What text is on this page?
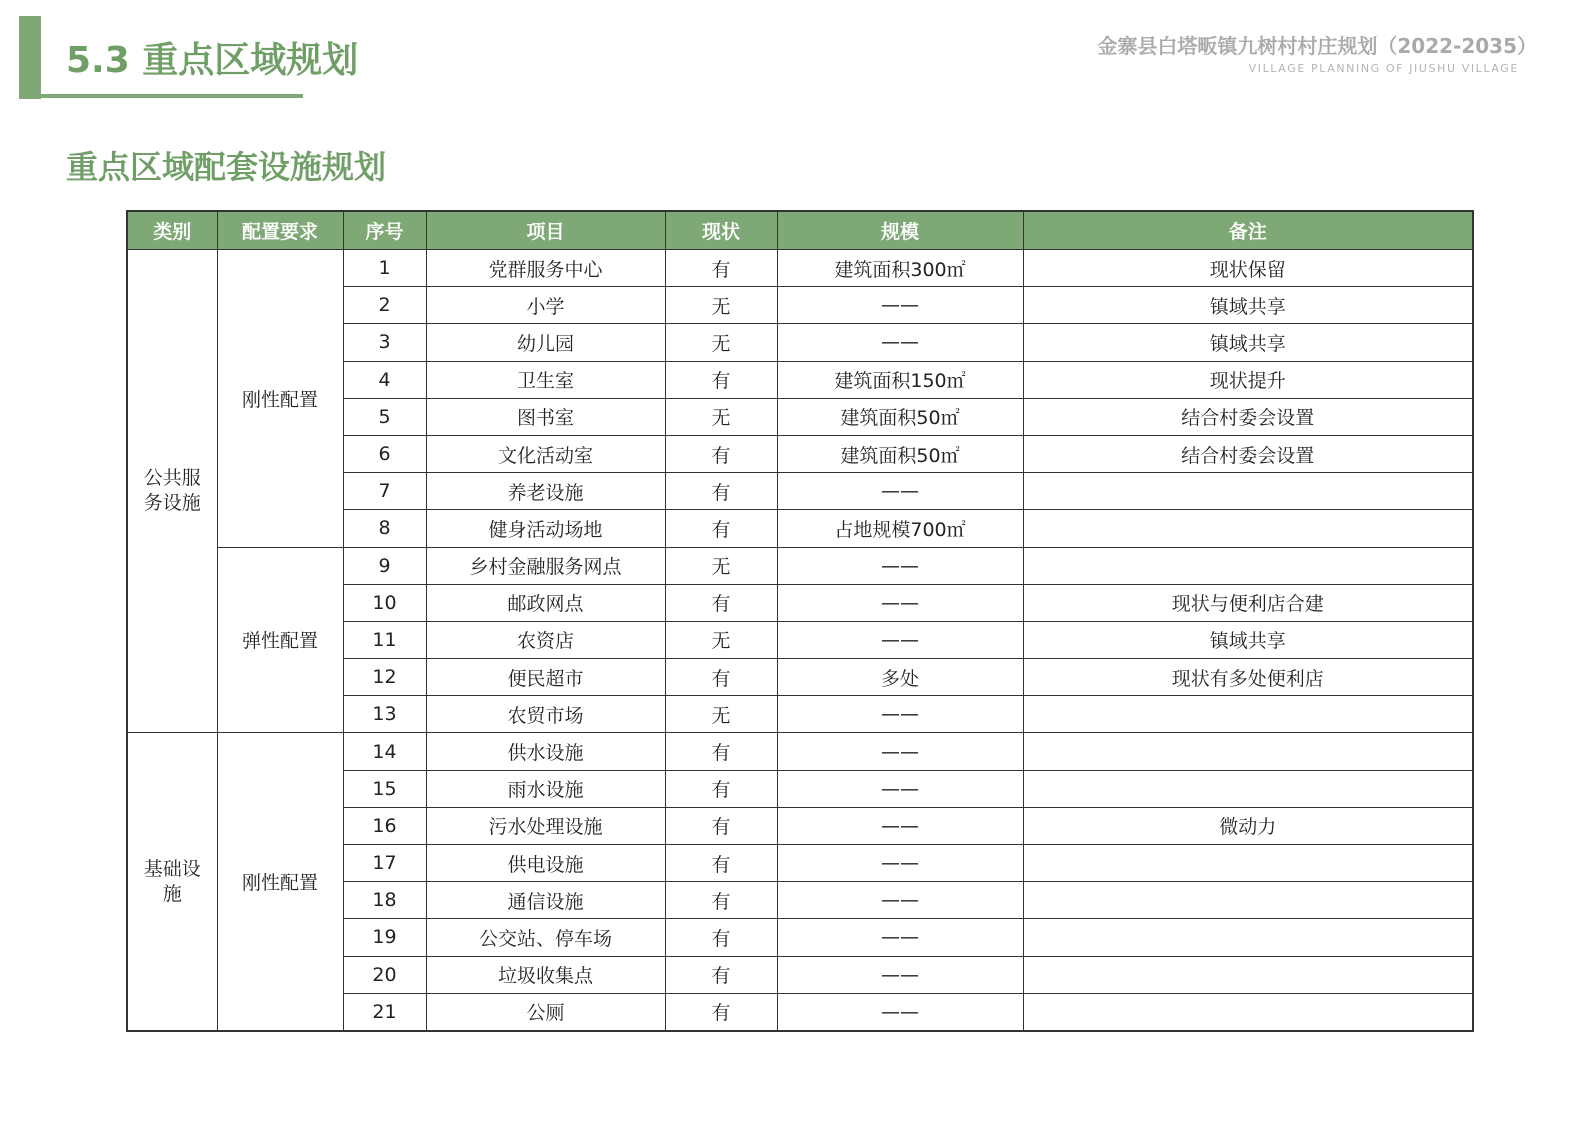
5.3 重点区域规划	金寨县白塔畈镇九树村村庄规划（2022-2035）
VILLAGE PLANNING OF JIUSHU VILLAGE
重点区域配套设施规划
类别	配置要求	序号	项目	现状	规模	备注
公共服务设施	刚性配置	1	党群服务中心	有	建筑面积300㎡	现状保留
		2	小学	无	——	镇域共享
		3	幼儿园	无	——	镇域共享
		4	卫生室	有	建筑面积150㎡	现状提升
		5	图书室	无	建筑面积50㎡	结合村委会设置
		6	文化活动室	有	建筑面积50㎡	结合村委会设置
		7	养老设施	有	——	
		8	健身活动场地	有	占地规模700㎡	
	弹性配置	9	乡村金融服务网点	无	——	
		10	邮政网点	有	——	现状与便利店合建
		11	农资店	无	——	镇域共享
		12	便民超市	有	多处	现状有多处便利店
		13	农贸市场	无	——	
基础设施	刚性配置	14	供水设施	有	——	
		15	雨水设施	有	——	
		16	污水处理设施	有	——	微动力
		17	供电设施	有	——	
		18	通信设施	有	——	
		19	公交站、停车场	有	——	
		20	垃圾收集点	有	——	
		21	公厕	有	——	
